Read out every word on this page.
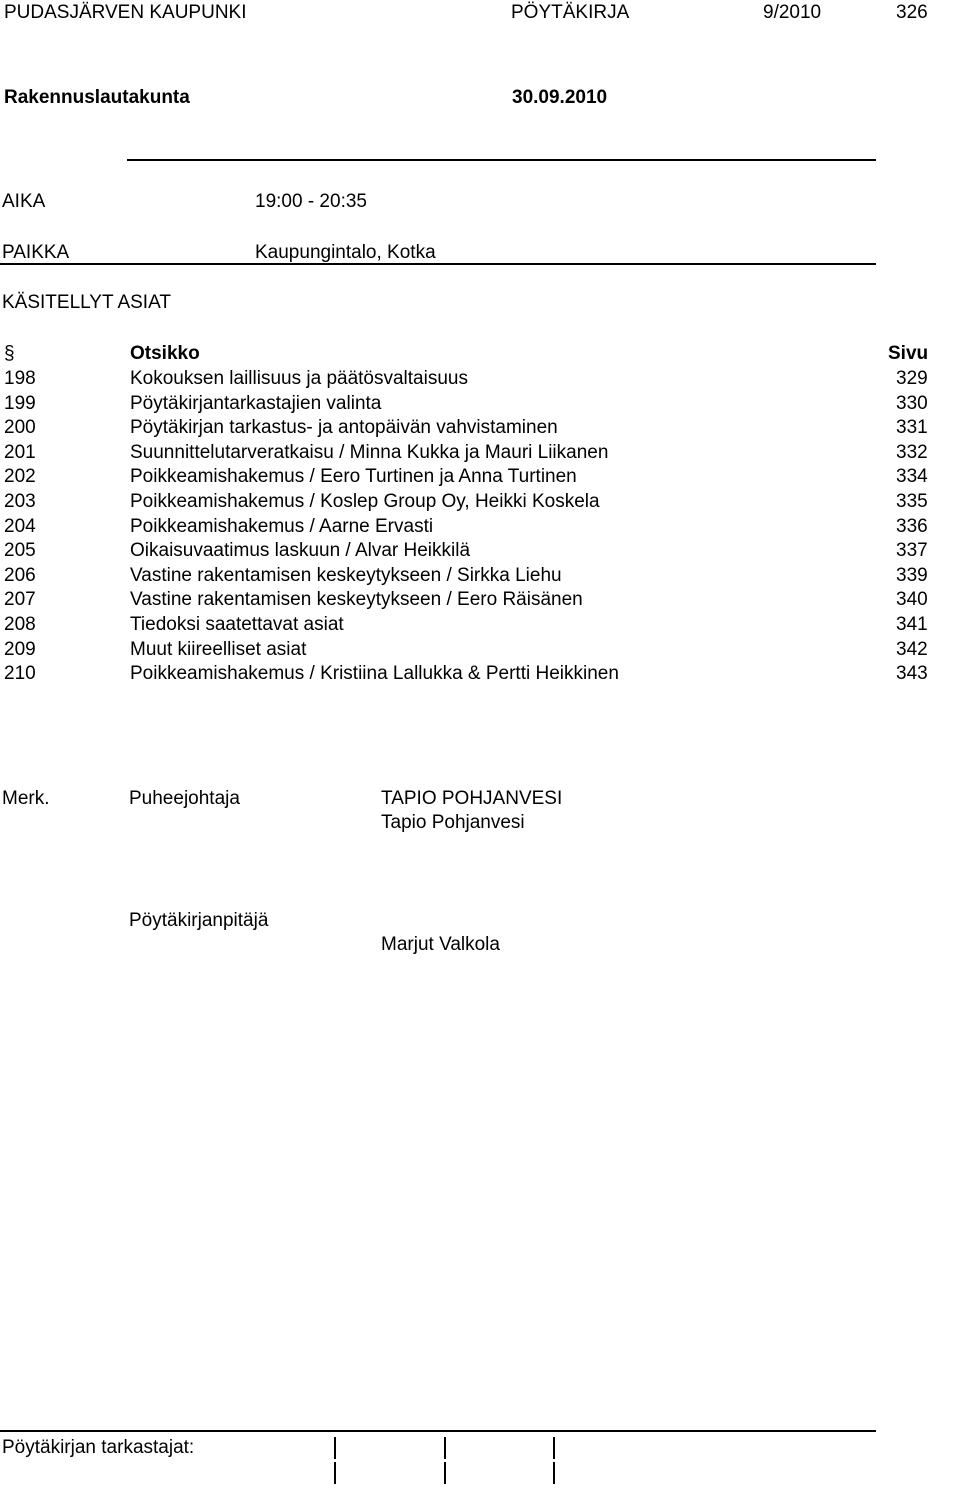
PUDASJÄRVEN KAUPUNKI	PÖYTÄKIRJA	9/2010	326
Rakennuslautakunta	30.09.2010
AIKA	19:00 - 20:35
PAIKKA	Kaupungintalo, Kotka
KÄSITELLYT ASIAT
§	Otsikko	Sivu
198	Kokouksen laillisuus ja päätösvaltaisuus	329
199	Pöytäkirjantarkastajien valinta	330
200	Pöytäkirjan tarkastus- ja antopäivän vahvistaminen	331
201	Suunnittelutarveratkaisu / Minna Kukka ja Mauri Liikanen	332
202	Poikkeamishakemus / Eero Turtinen ja Anna Turtinen	334
203	Poikkeamishakemus / Koslep Group Oy, Heikki Koskela	335
204	Poikkeamishakemus / Aarne Ervasti	336
205	Oikaisuvaatimus laskuun / Alvar Heikkilä	337
206	Vastine rakentamisen keskeytykseen / Sirkka Liehu	339
207	Vastine rakentamisen keskeytykseen / Eero Räisänen	340
208	Tiedoksi saatettavat asiat	341
209	Muut kiireelliset asiat	342
210	Poikkeamishakemus / Kristiina Lallukka & Pertti Heikkinen	343
Merk.	Puheejohtaja	TAPIO POHJANVESI
Tapio Pohjanvesi
Pöytäkirjanpitäjä
Marjut Valkola
Pöytäkirjan tarkastajat:
